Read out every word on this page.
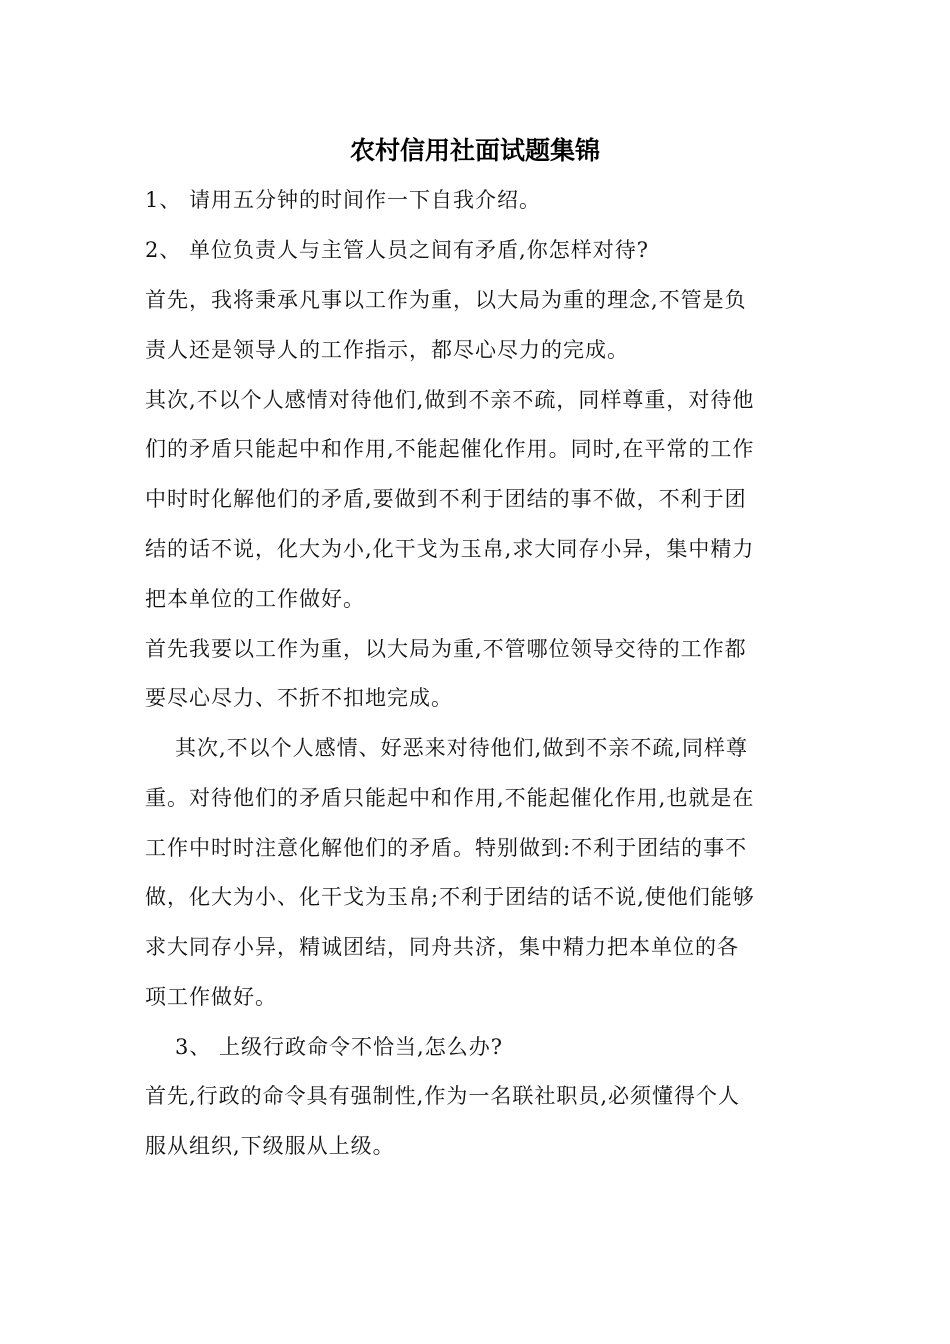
农村信用社面试题集锦
1、 请用五分钟的时间作一下自我介绍。
2、 单位负责人与主管人员之间有矛盾,你怎样对待?
首先，我将秉承凡事以工作为重，以大局为重的理念,不管是负
责人还是领导人的工作指示，都尽心尽力的完成。
其次,不以个人感情对待他们,做到不亲不疏，同样尊重，对待他
们的矛盾只能起中和作用,不能起催化作用。同时,在平常的工作
中时时化解他们的矛盾,要做到不利于团结的事不做，不利于团
结的话不说，化大为小,化干戈为玉帛,求大同存小异，集中精力
把本单位的工作做好。
首先我要以工作为重，以大局为重,不管哪位领导交待的工作都
要尽心尽力、不折不扣地完成。
其次,不以个人感情、好恶来对待他们,做到不亲不疏,同样尊
重。对待他们的矛盾只能起中和作用,不能起催化作用,也就是在
工作中时时注意化解他们的矛盾。特别做到:不利于团结的事不
做，化大为小、化干戈为玉帛;不利于团结的话不说,使他们能够
求大同存小异，精诚团结，同舟共济，集中精力把本单位的各
项工作做好。
3、 上级行政命令不恰当,怎么办?
首先,行政的命令具有强制性,作为一名联社职员,必须懂得个人
服从组织,下级服从上级。
